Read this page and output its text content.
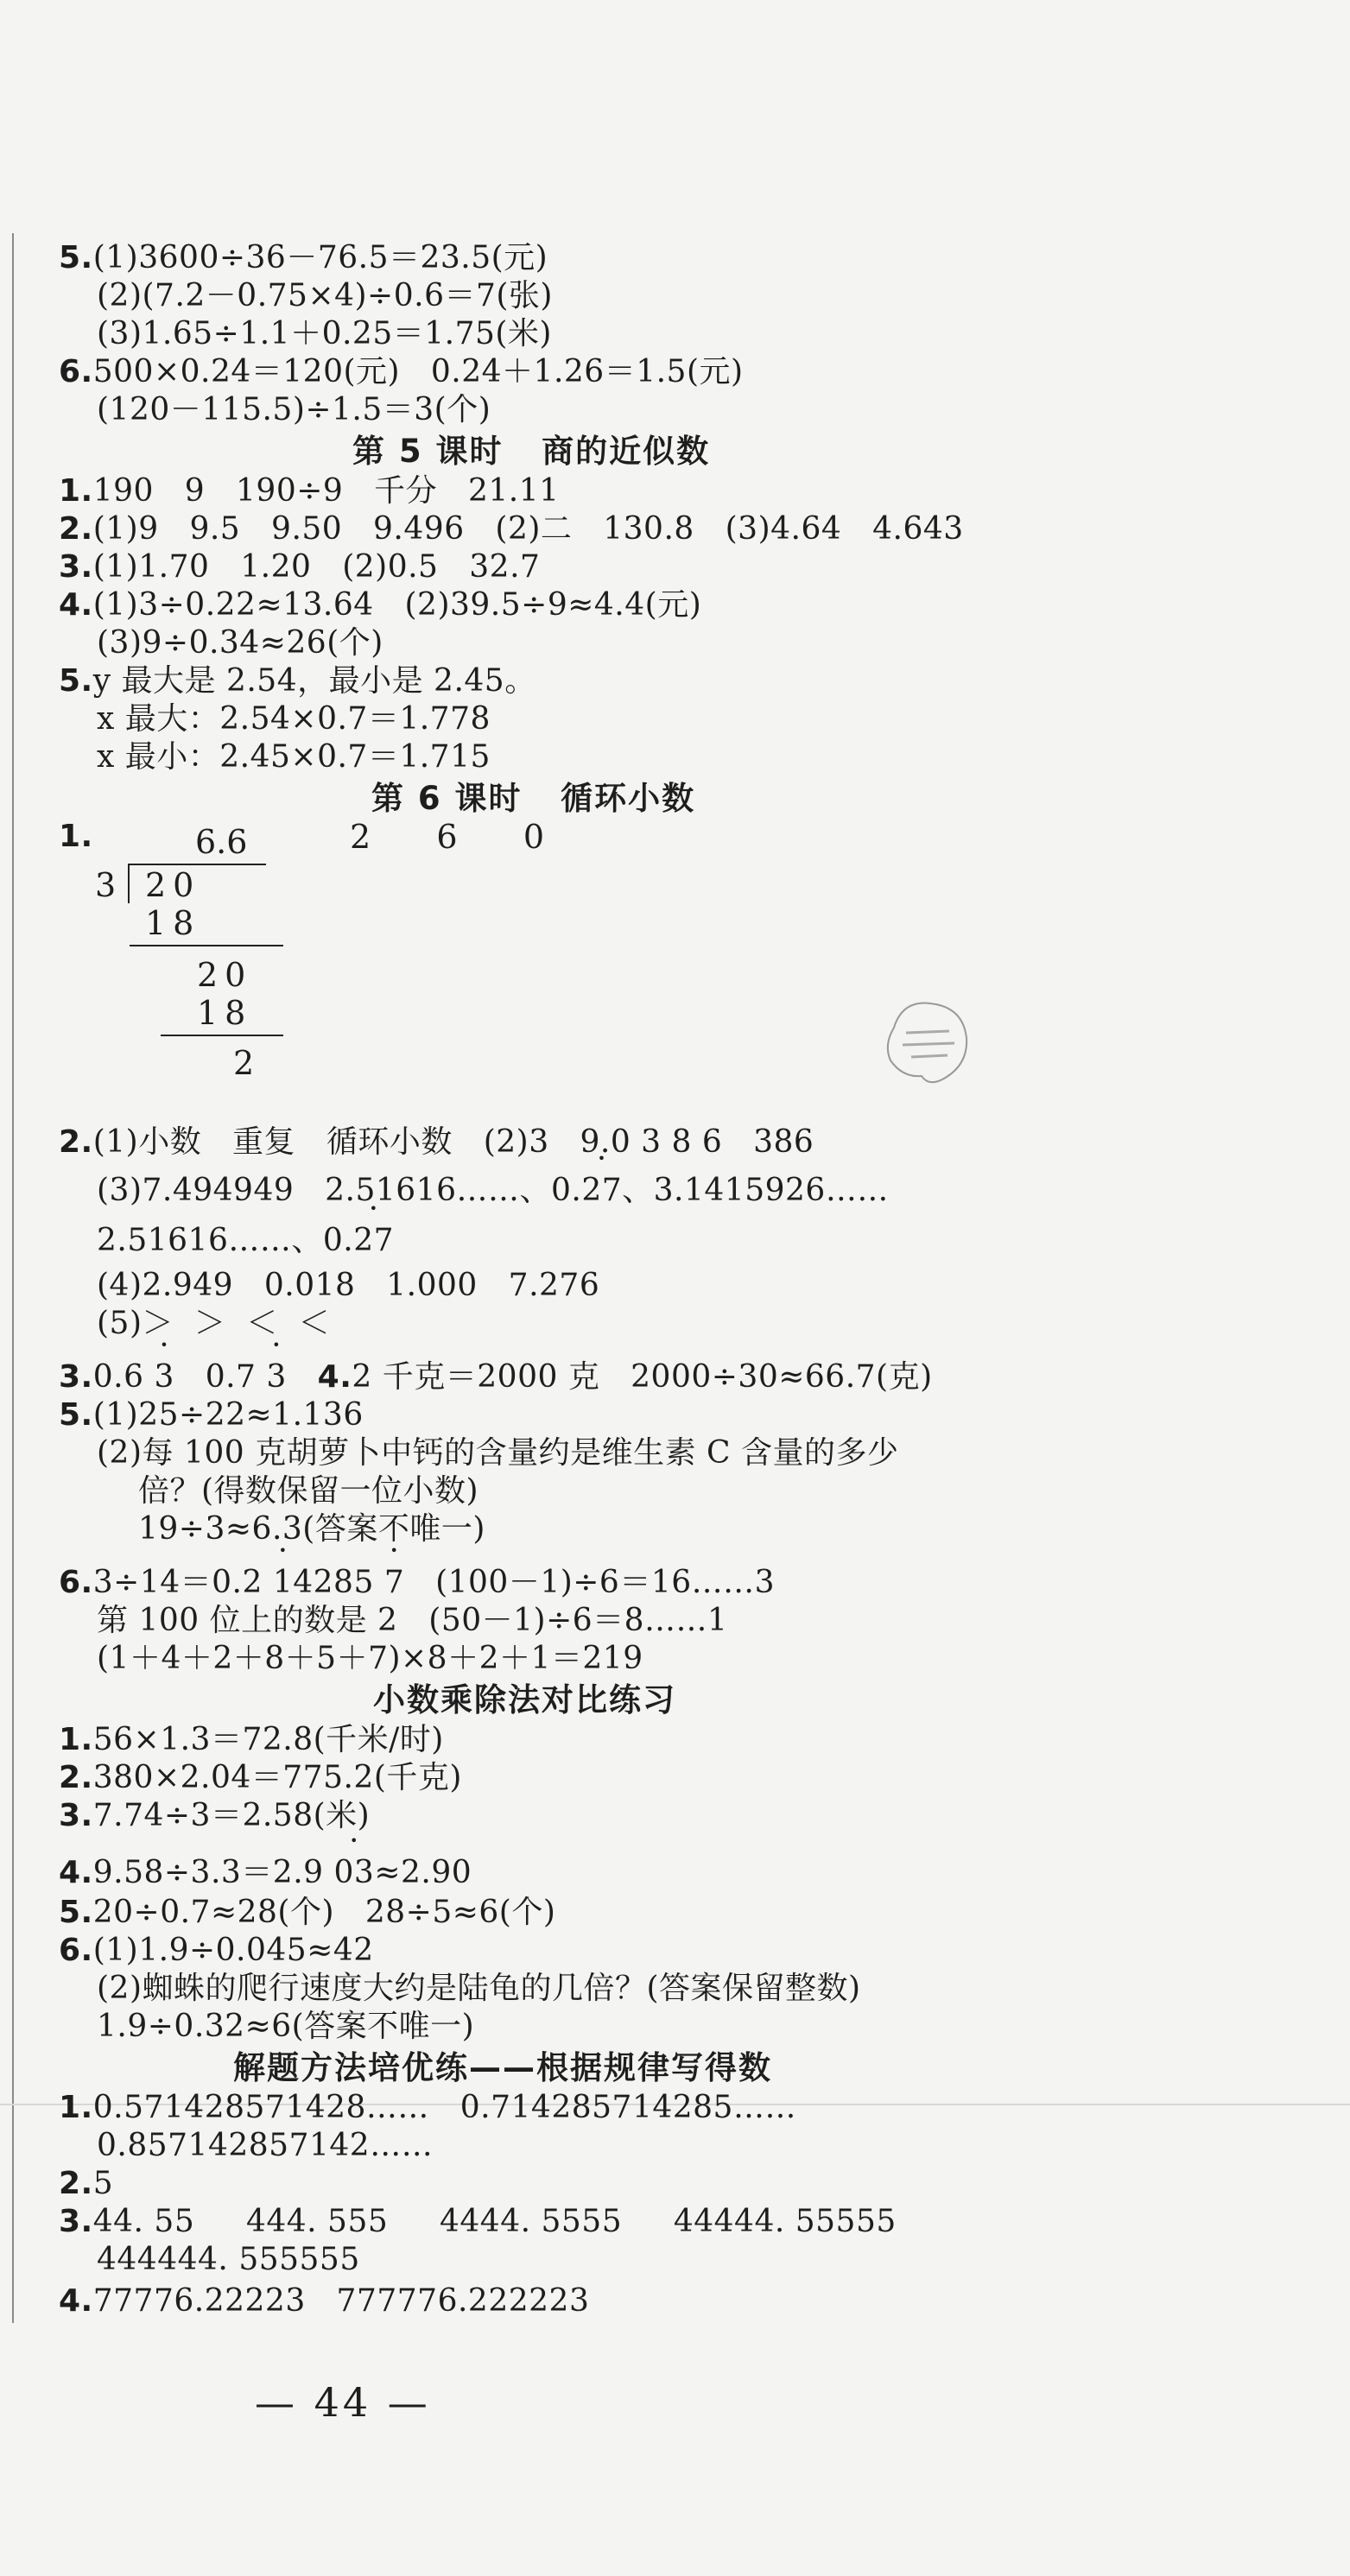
5.(1)3600÷36－76.5＝23.5(元)
(2)(7.2－0.75×4)÷0.6＝7(张)
(3)1.65÷1.1＋0.25＝1.75(米)
6.500×0.24＝120(元)   0.24＋1.26＝1.5(元)
(120－115.5)÷1.5＝3(个)
第 5 课时   商的近似数
1.190   9   190÷9   千分   21.11
2.(1)9   9.5   9.50   9.496   (2)二   130.8   (3)4.64   4.643
3.(1)1.70   1.20   (2)0.5   32.7
4.(1)3÷0.22≈13.64   (2)39.5÷9≈4.4(元)
(3)9÷0.34≈26(个)
5.y 最大是 2.54，最小是 2.45。
x 最大：2.54×0.7＝1.778
x 最小：2.45×0.7＝1.715
第 6 课时   循环小数
1.	6.6	2   6   0
3 20
18
20
18
2
2.(1)小数   重复   循环小数   (2)3 9.0 3 8 6 386
(3)7.494949   2.51616……、0.• 27、3.1415926……
2.51616……、0.• 27
(4)2.949   0.018   1.000   7.276
(5)＞  ＞  ＜  ＜
3.0.6 • 3 0.7 • 3 4.2 千克＝2000 克   2000÷30≈66.7(克)
5.(1)25÷22≈1.136
(2)每 100 克胡萝卜中钙的含量约是维生素 C 含量的多少
倍？(得数保留一位小数)
19÷3≈6.3(答案不唯一)
6.3÷14＝0.2 • 14285 • 7 (100－1)÷6＝16……3
第 100 位上的数是 2   (50－1)÷6＝8……1
(1＋4＋2＋8＋5＋7)×8＋2＋1＝219
小数乘除法对比练习
1.56×1.3＝72.8(千米/时)
2.380×2.04＝775.2(千克)
3.7.74÷3＝2.58(米)
4.9.58÷3.3＝2.9 • 03≈2.90
5.20÷0.7≈28(个)   28÷5≈6(个)
6.(1)1.9÷0.045≈42
(2)蜘蛛的爬行速度大约是陆龟的几倍？(答案保留整数)
1.9÷0.32≈6(答案不唯一)
解题方法培优练——根据规律写得数
1.0.571428571428……   0.714285714285……
0.857142857142……
2.5
3.44. 55     444. 555     4444. 5555     44444. 55555
444444. 555555
4.77776.22223   777776.222223
— 44 —
